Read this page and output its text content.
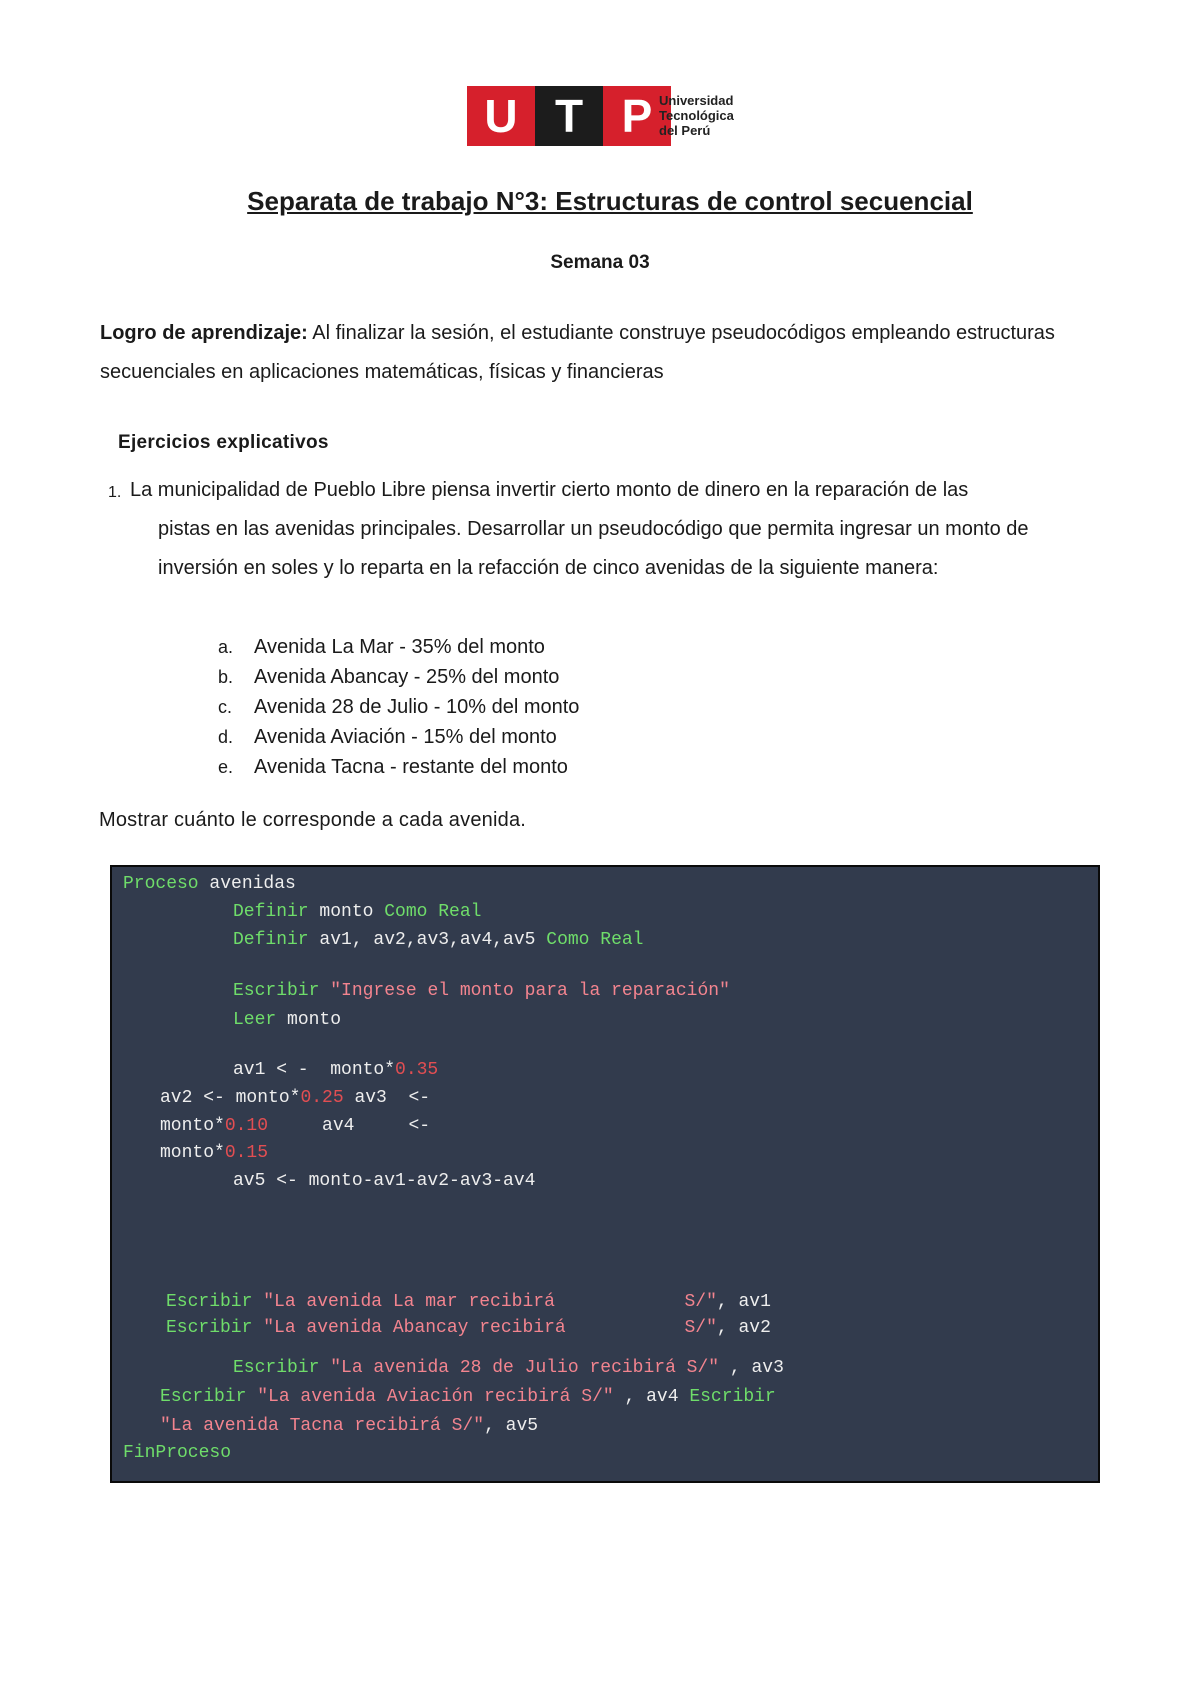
U T P Universidad
Tecnológica
del Perú
Separata de trabajo N°3: Estructuras de control secuencial
Semana 03
Logro de aprendizaje: Al finalizar la sesión, el estudiante construye pseudocódigos empleando estructuras secuenciales en aplicaciones matemáticas, físicas y financieras
Ejercicios explicativos
1. La municipalidad de Pueblo Libre piensa invertir cierto monto de dinero en la reparación de las
pistas en las avenidas principales. Desarrollar un pseudocódigo que permita ingresar un monto de
inversión en soles y lo reparta en la refacción de cinco avenidas de la siguiente manera:
a.	Avenida La Mar - 35% del monto
b.	Avenida Abancay - 25% del monto
c.	Avenida 28 de Julio - 10% del monto
d.	Avenida Aviación - 15% del monto
e.	Avenida Tacna - restante del monto
Mostrar cuánto le corresponde a cada avenida.
Proceso avenidas
Definir monto Como Real
Definir av1, av2,av3,av4,av5 Como Real
Escribir "Ingrese el monto para la reparación"
Leer monto
av1 < -  monto*0.35
av2 <- monto*0.25 av3  <-
monto*0.10     av4     <-
monto*0.15
av5 <- monto-av1-av2-av3-av4
Escribir "La avenida La mar recibirá            S/", av1
Escribir "La avenida Abancay recibirá           S/", av2
Escribir "La avenida 28 de Julio recibirá S/" , av3
Escribir "La avenida Aviación recibirá S/" , av4 Escribir
"La avenida Tacna recibirá S/", av5
FinProceso
